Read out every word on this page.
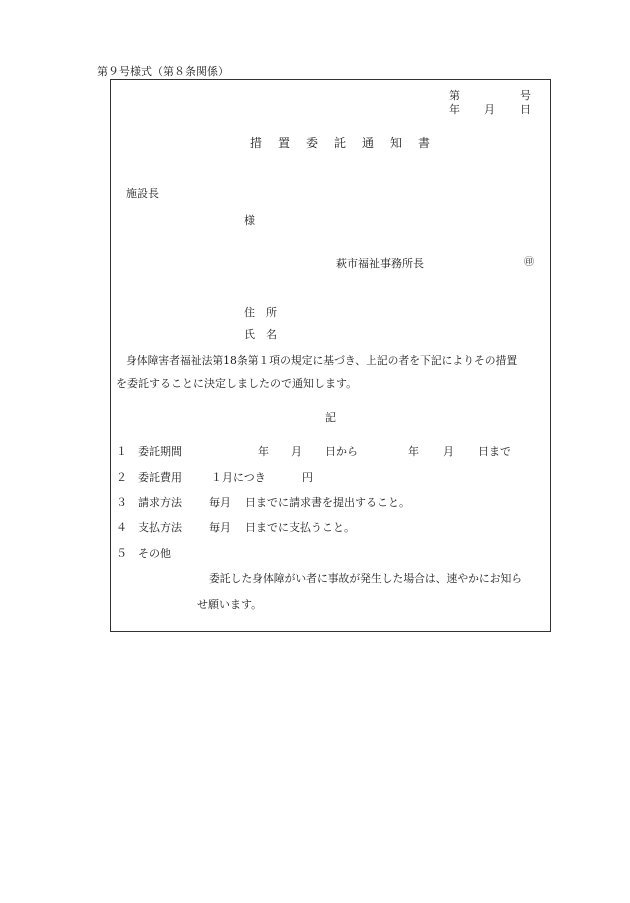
第９号様式（第８条関係）
第	号
年 月 日
措置委託通知書
施設長
様
萩市福祉事務所長	㊞
住　所
氏　名
身体障害者福祉法第18条第１項の規定に基づき、上記の者を下記によりその措置
を委託することに決定しましたので通知します。
記
１ 委託期間	年 月 日から	年 月 日まで
２ 委託費用	１月につき	円
３ 請求方法 毎月 日までに請求書を提出すること。
４ 支払方法 毎月 日までに支払うこと。
５ その他
委託した身体障がい者に事故が発生した場合は、速やかにお知ら
せ願います。
